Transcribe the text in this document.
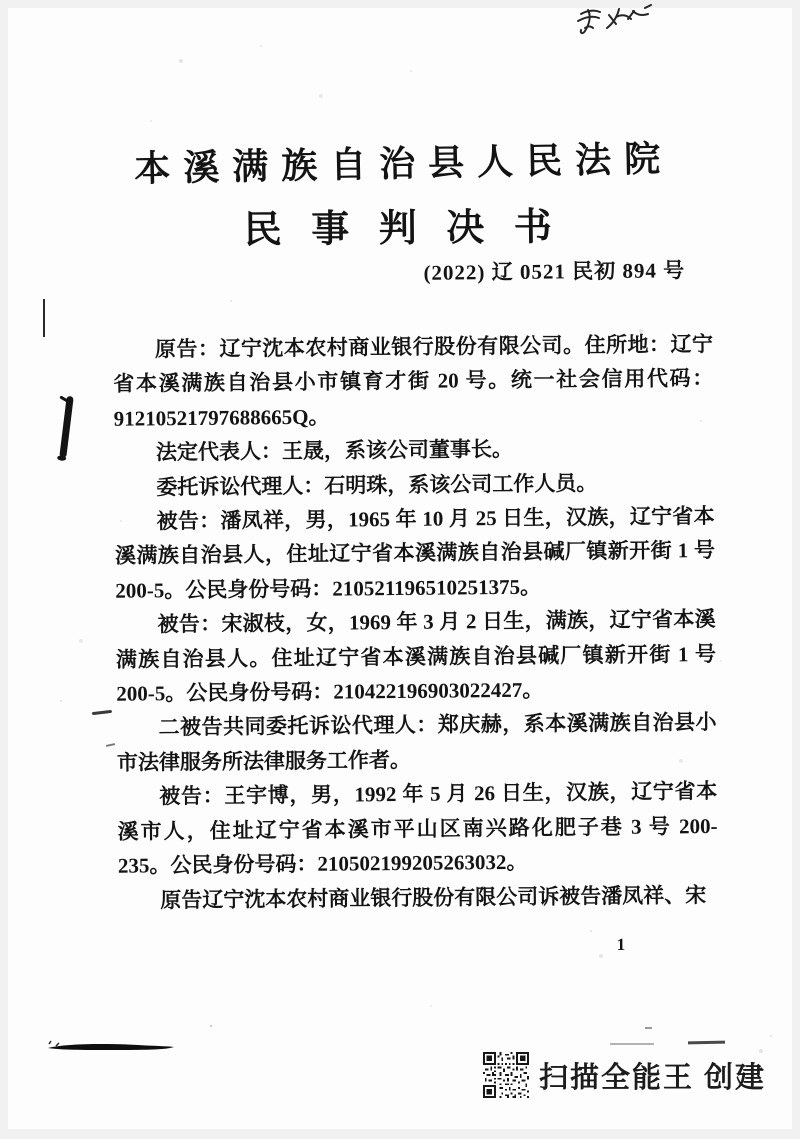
本溪满族自治县人民法院
民 事 判 决 书
(2022) 辽 0521 民初 894 号

原告：辽宁沈本农村商业银行股份有限公司。住所地：辽宁省本溪满族自治县小市镇育才街 20 号。统一社会信用代码：91210521797688665Q。

法定代表人：王晟，系该公司董事长。

委托诉讼代理人：石明珠，系该公司工作人员。

被告：潘凤祥，男，1965 年 10 月 25 日生，汉族，辽宁省本溪满族自治县人，住址辽宁省本溪满族自治县碱厂镇新开街 1 号 200-5。公民身份号码：210521196510251375。

被告：宋淑枝，女，1969 年 3 月 2 日生，满族，辽宁省本溪满族自治县人。住址辽宁省本溪满族自治县碱厂镇新开街 1 号 200-5。公民身份号码：210422196903022427。

二被告共同委托诉讼代理人：郑庆赫，系本溪满族自治县小市法律服务所法律服务工作者。

被告：王宇博，男，1992 年 5 月 26 日生，汉族，辽宁省本溪市人，住址辽宁省本溪市平山区南兴路化肥子巷 3 号 200-235。公民身份号码：210502199205263032。

原告辽宁沈本农村商业银行股份有限公司诉被告潘凤祥、宋

1
扫描全能王 创建
